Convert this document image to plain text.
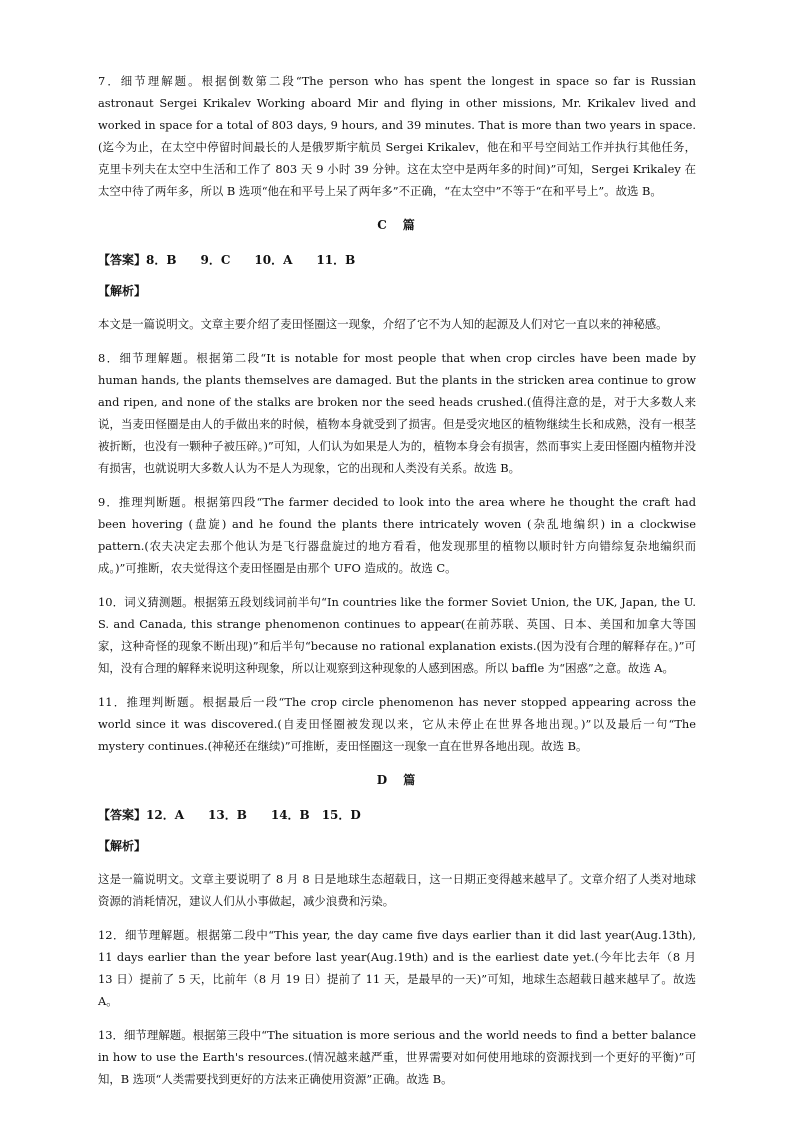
7．细节理解题。根据倒数第二段“The person who has spent the longest in space so far is Russian astronaut Sergei Krikalev Working aboard Mir and flying in other missions, Mr. Krikalev lived and worked in space for a total of 803 days, 9 hours, and 39 minutes. That is more than two years in space.(迄今为止，在太空中停留时间最长的人是俄罗斯宇航员 Sergei Krikalev，他在和平号空间站工作并执行其他任务，克里卡列夫在太空中生活和工作了 803 天 9 小时 39 分钟。这在太空中是两年多的时间)”可知，Sergei Krikaley 在太空中待了两年多，所以 B 选项“他在和平号上呆了两年多”不正确，“在太空中”不等于“在和平号上”。故选 B。

C　篇
【答案】8．B　　9．C　　10．A　　11．B
【解析】

本文是一篇说明文。文章主要介绍了麦田怪圈这一现象，介绍了它不为人知的起源及人们对它一直以来的神秘感。

8．细节理解题。根据第二段“It is notable for most people that when crop circles have been made by human hands, the plants themselves are damaged. But the plants in the stricken area continue to grow and ripen, and none of the stalks are broken nor the seed heads crushed.(值得注意的是，对于大多数人来说，当麦田怪圈是由人的手做出来的时候，植物本身就受到了损害。但是受灾地区的植物继续生长和成熟，没有一根茎被折断，也没有一颗种子被压碎。)”可知，人们认为如果是人为的，植物本身会有损害，然而事实上麦田怪圈内植物并没有损害，也就说明大多数人认为不是人为现象，它的出现和人类没有关系。故选 B。

9．推理判断题。根据第四段“The farmer decided to look into the area where he thought the craft had been hovering (盘旋) and he found the plants there intricately woven (杂乱地编织) in a clockwise pattern.(农夫决定去那个他认为是飞行器盘旋过的地方看看，他发现那里的植物以顺时针方向错综复杂地编织而成。)”可推断，农夫觉得这个麦田怪圈是由那个 UFO 造成的。故选 C。

10．词义猜测题。根据第五段划线词前半句“In countries like the former Soviet Union, the UK, Japan, the U. S. and Canada, this strange phenomenon continues to appear(在前苏联、英国、日本、美国和加拿大等国家，这种奇怪的现象不断出现)”和后半句“because no rational explanation exists.(因为没有合理的解释存在。)”可知，没有合理的解释来说明这种现象，所以让观察到这种现象的人感到困惑。所以 baffle 为“困惑”之意。故选 A。

11．推理判断题。根据最后一段“The crop circle phenomenon has never stopped appearing across the world since it was discovered.(自麦田怪圈被发现以来，它从未停止在世界各地出现。)”以及最后一句“The mystery continues.(神秘还在继续)”可推断，麦田怪圈这一现象一直在世界各地出现。故选 B。

D　篇
【答案】12．A　　13．B　　14．B　15．D
【解析】

这是一篇说明文。文章主要说明了 8 月 8 日是地球生态超载日，这一日期正变得越来越早了。文章介绍了人类对地球资源的消耗情况，建议人们从小事做起，减少浪费和污染。

12．细节理解题。根据第二段中“This year, the day came five days earlier than it did last year(Aug.13th), 11 days earlier than the year before last year(Aug.19th) and is the earliest date yet.(今年比去年（8 月 13 日）提前了 5 天，比前年（8 月 19 日）提前了 11 天，是最早的一天)”可知，地球生态超载日越来越早了。故选 A。

13．细节理解题。根据第三段中“The situation is more serious and the world needs to find a better balance in how to use the Earth's resources.(情况越来越严重，世界需要对如何使用地球的资源找到一个更好的平衡)”可知，B 选项“人类需要找到更好的方法来正确使用资源”正确。故选 B。
